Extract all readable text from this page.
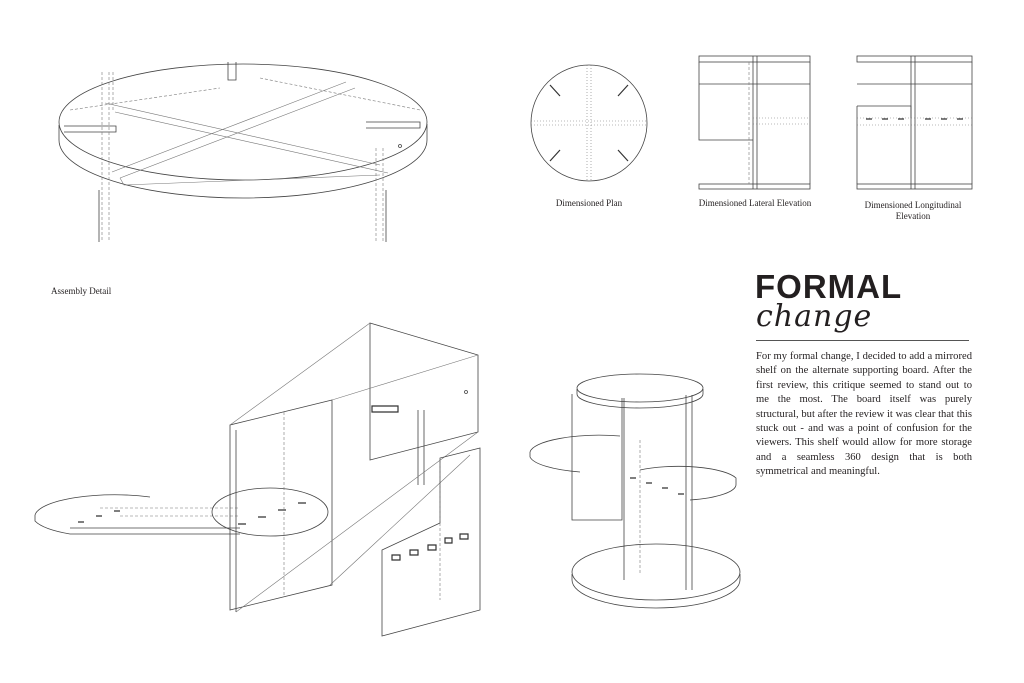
Dimensioned Plan	Dimensioned Lateral Elevation	Dimensioned Longitudinal
Elevation
Assembly Detail	FORMAL
change
For my formal change, I decided to add a mirrored shelf on the alternate supporting board. After the first review, this critique seemed to stand out to me the most. The board itself was purely structural, but after the review it was clear that this stuck out - and was a point of confusion for the viewers. This shelf would allow for more storage and a seamless 360 design that is both symmetrical and meaningful.
